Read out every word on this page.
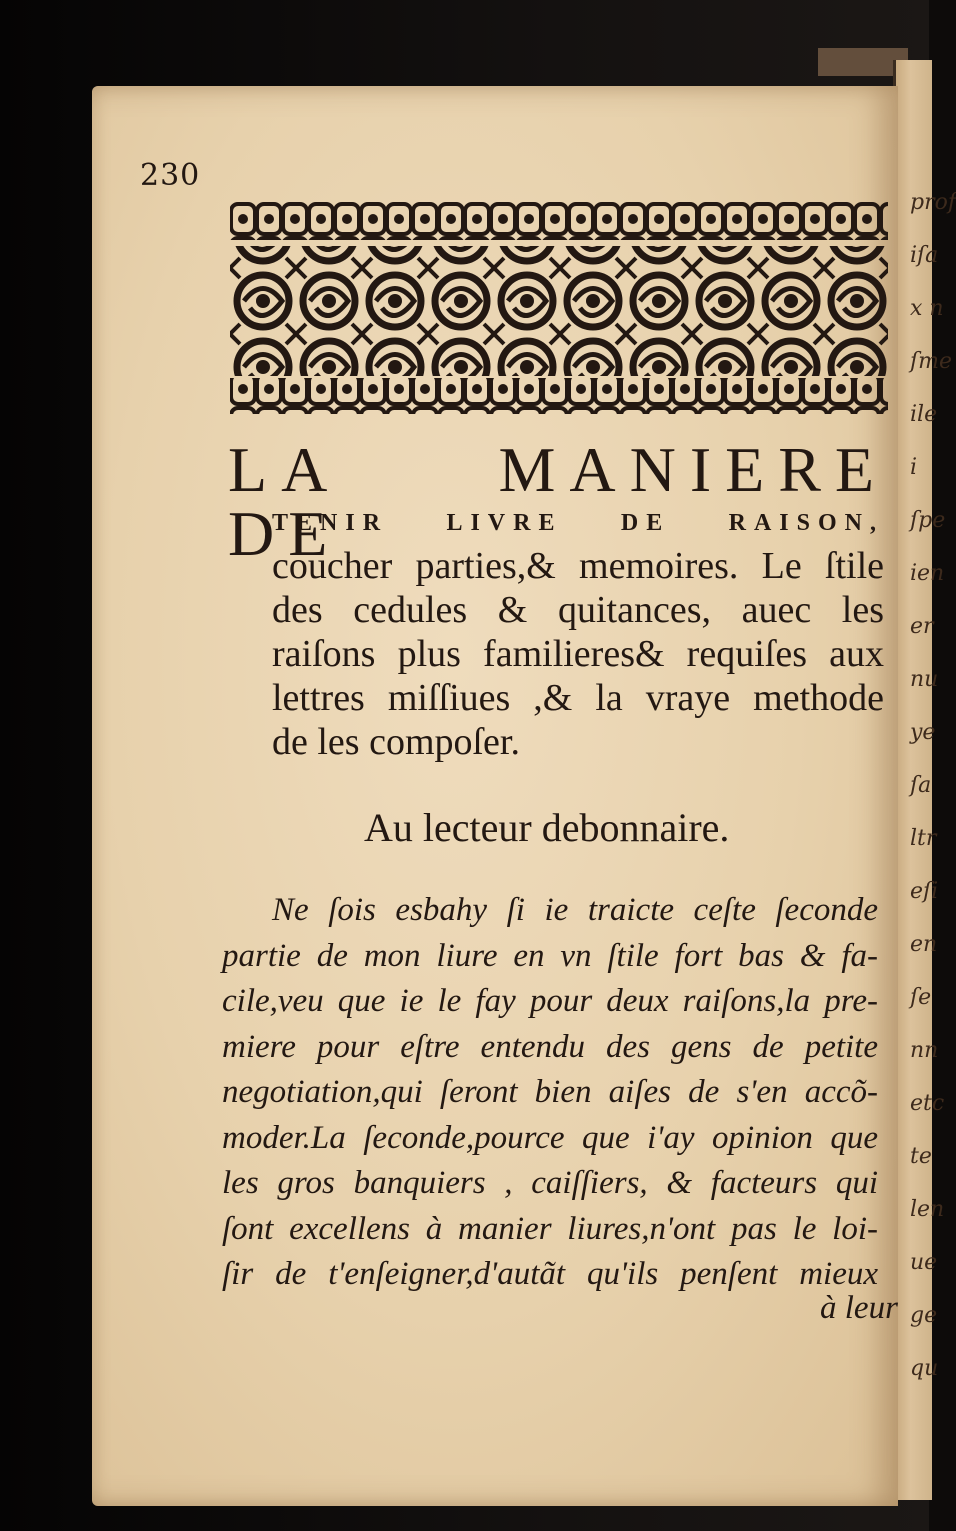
prof
iſa
x n
ſme
ile
i
ſpe
ien
er
nu
ye
ſa
ltr
eſi
en
ſe
nn
etc
te
len
ue
ge
qu
230
LA MANIERE DE
TENIR LIVRE DE RAISON,
coucher parties,& memoires. Le ſtile
des cedules & quitances, auec les
raiſons plus familieres& requiſes aux
lettres miſſiues ,& la vraye methode
de les compoſer.
Au lecteur debonnaire.
Ne ſois esbahy ſi ie traicte ceſte ſeconde
partie de mon liure en vn ſtile fort bas & fa-
cile,veu que ie le fay pour deux raiſons,la pre-
miere pour eſtre entendu des gens de petite
negotiation,qui ſeront bien aiſes de s'en accõ-
moder.La ſeconde,pource que i'ay opinion que
les gros banquiers , caiſſiers, & facteurs qui
ſont excellens à manier liures,n'ont pas le loi-
ſir de t'enſeigner,d'autãt qu'ils penſent mieux
à leur
